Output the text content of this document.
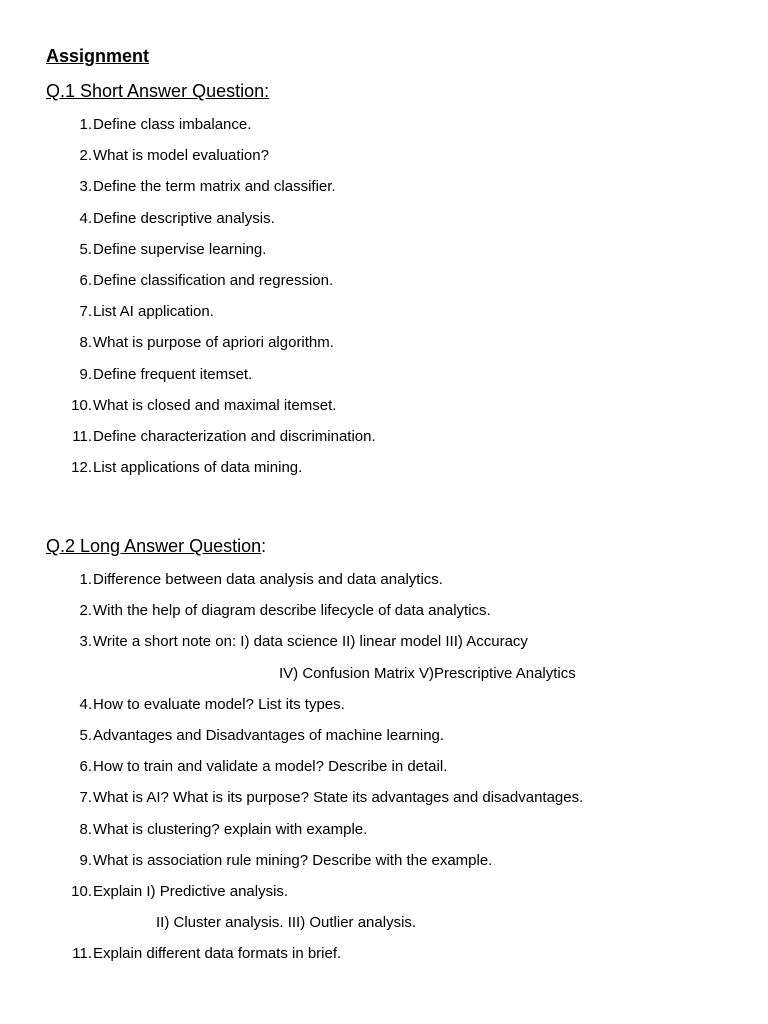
Assignment
Q.1 Short Answer Question:
1. Define class imbalance.
2. What is model evaluation?
3. Define the term matrix and classifier.
4. Define descriptive analysis.
5. Define supervise learning.
6. Define classification and regression.
7. List AI application.
8. What is purpose of apriori algorithm.
9. Define frequent itemset.
10. What is closed and maximal itemset.
11. Define characterization and discrimination.
12. List applications of data mining.
Q.2 Long Answer Question:
1. Difference between data analysis and data analytics.
2. With the help of diagram describe lifecycle of data analytics.
3. Write a short note on: I) data science II) linear model III) Accuracy
IV) Confusion Matrix V)Prescriptive Analytics
4. How to evaluate model? List its types.
5. Advantages and Disadvantages of machine learning.
6. How to train and validate a model? Describe in detail.
7. What is AI? What is its purpose? State its advantages and disadvantages.
8. What is clustering? explain with example.
9. What is association rule mining? Describe with the example.
10. Explain I) Predictive analysis.
II) Cluster analysis. III) Outlier analysis.
11. Explain different data formats in brief.
